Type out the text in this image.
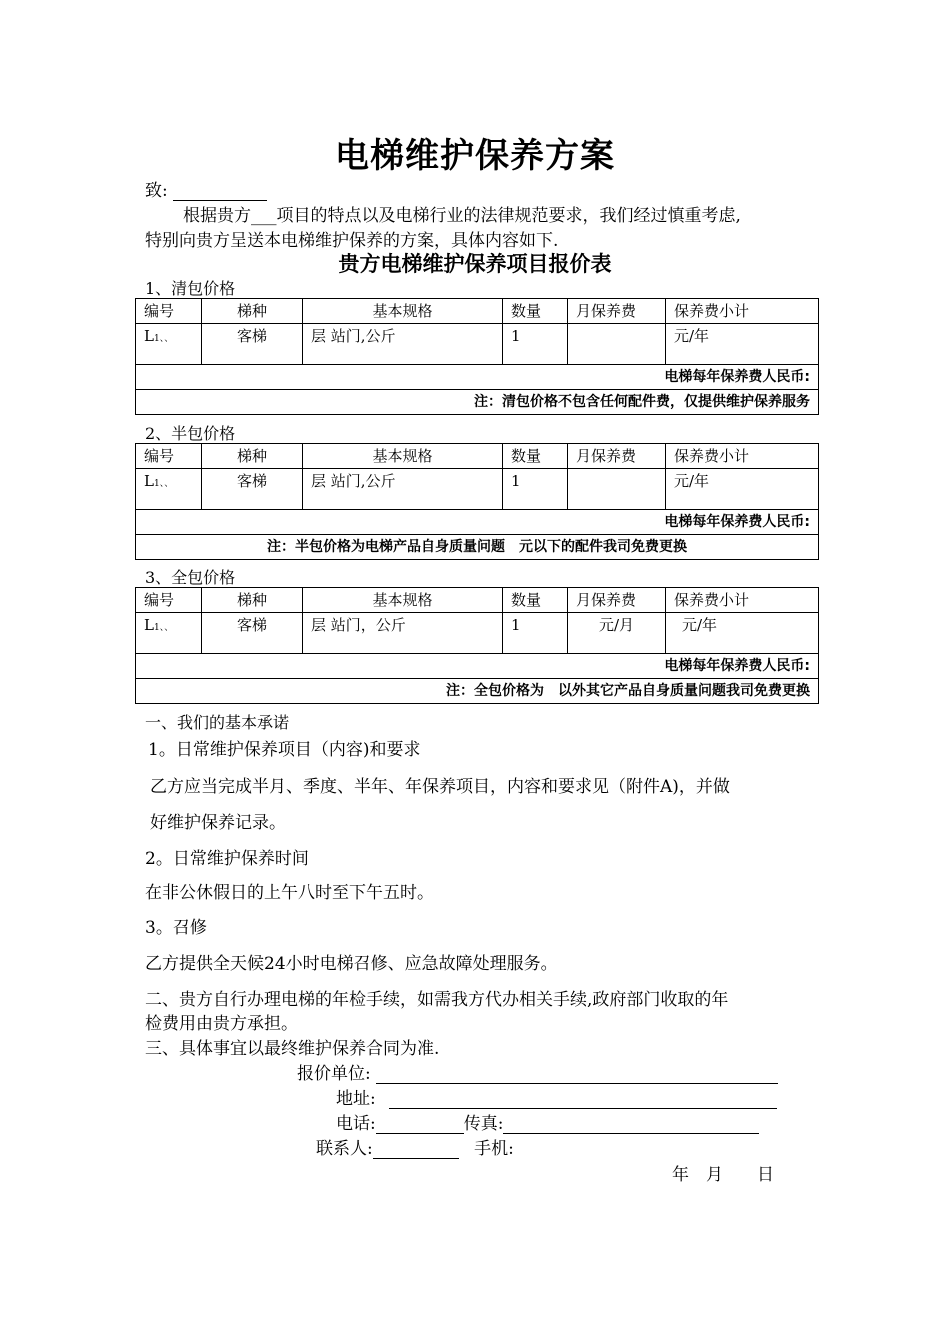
电梯维护保养方案
致:
根据贵方___项目的特点以及电梯行业的法律规范要求，我们经过慎重考虑,
特别向贵方呈送本电梯维护保养的方案，具体内容如下.
贵方电梯维护保养项目报价表
1、清包价格
编号	梯种	基本规格	数量	月保养费	保养费小计
L1、、	客梯	层 站门,公斤	1		元/年
电梯每年保养费人民币:					
注：清包价格不包含任何配件费，仅提供维护保养服务					
2、半包价格
编号	梯种	基本规格	数量	月保养费	保养费小计
L1、、	客梯	层 站门,公斤	1		元/年
电梯每年保养费人民币:					
注：半包价格为电梯产品自身质量问题　元以下的配件我司免费更换					
3、全包价格
编号	梯种	基本规格	数量	月保养费	保养费小计
L1、、	客梯	层 站门，公斤	1	元/月	元/年
电梯每年保养费人民币:					
注：全包价格为　以外其它产品自身质量问题我司免费更换					
一、我们的基本承诺
1。日常维护保养项目（内容)和要求
乙方应当完成半月、季度、半年、年保养项目，内容和要求见（附件A)，并做
好维护保养记录。
2。日常维护保养时间
在非公休假日的上午八时至下午五时。
3。召修
乙方提供全天候24小时电梯召修、应急故障处理服务。
二、贵方自行办理电梯的年检手续，如需我方代办相关手续,政府部门收取的年
检费用由贵方承担。
三、具体事宜以最终维护保养合同为准.
报价单位:
地址:
电话:	传真:
联系人:	手机:
年　月　　日
